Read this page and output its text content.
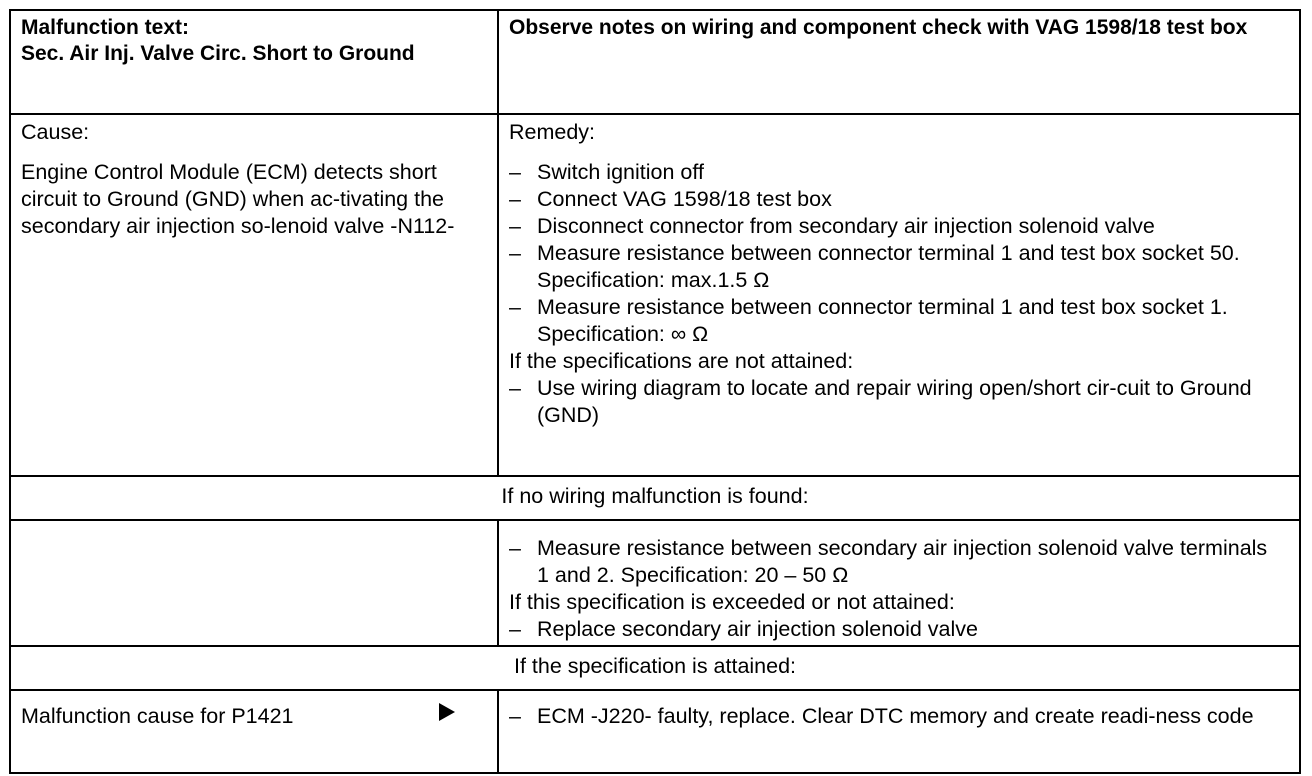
Malfunction text:
Sec. Air Inj. Valve Circ. Short to Ground
Observe notes on wiring and component check with VAG 1598/18 test box
Cause:
Engine Control Module (ECM) detects short circuit to Ground (GND) when ac-tivating the secondary air injection so-lenoid valve -N112-
Remedy:
– Switch ignition off
– Connect VAG 1598/18 test box
– Disconnect connector from secondary air injection solenoid valve
– Measure resistance between connector terminal 1 and test box socket 50. Specification: max.1.5 Ω
– Measure resistance between connector terminal 1 and test box socket 1. Specification: ∞ Ω
If the specifications are not attained:
– Use wiring diagram to locate and repair wiring open/short cir-cuit to Ground (GND)
If no wiring malfunction is found:
– Measure resistance between secondary air injection solenoid valve terminals 1 and 2. Specification: 20 – 50 Ω
If this specification is exceeded or not attained:
– Replace secondary air injection solenoid valve
If the specification is attained:
Malfunction cause for P1421	– ECM -J220- faulty, replace. Clear DTC memory and create readi-ness code
